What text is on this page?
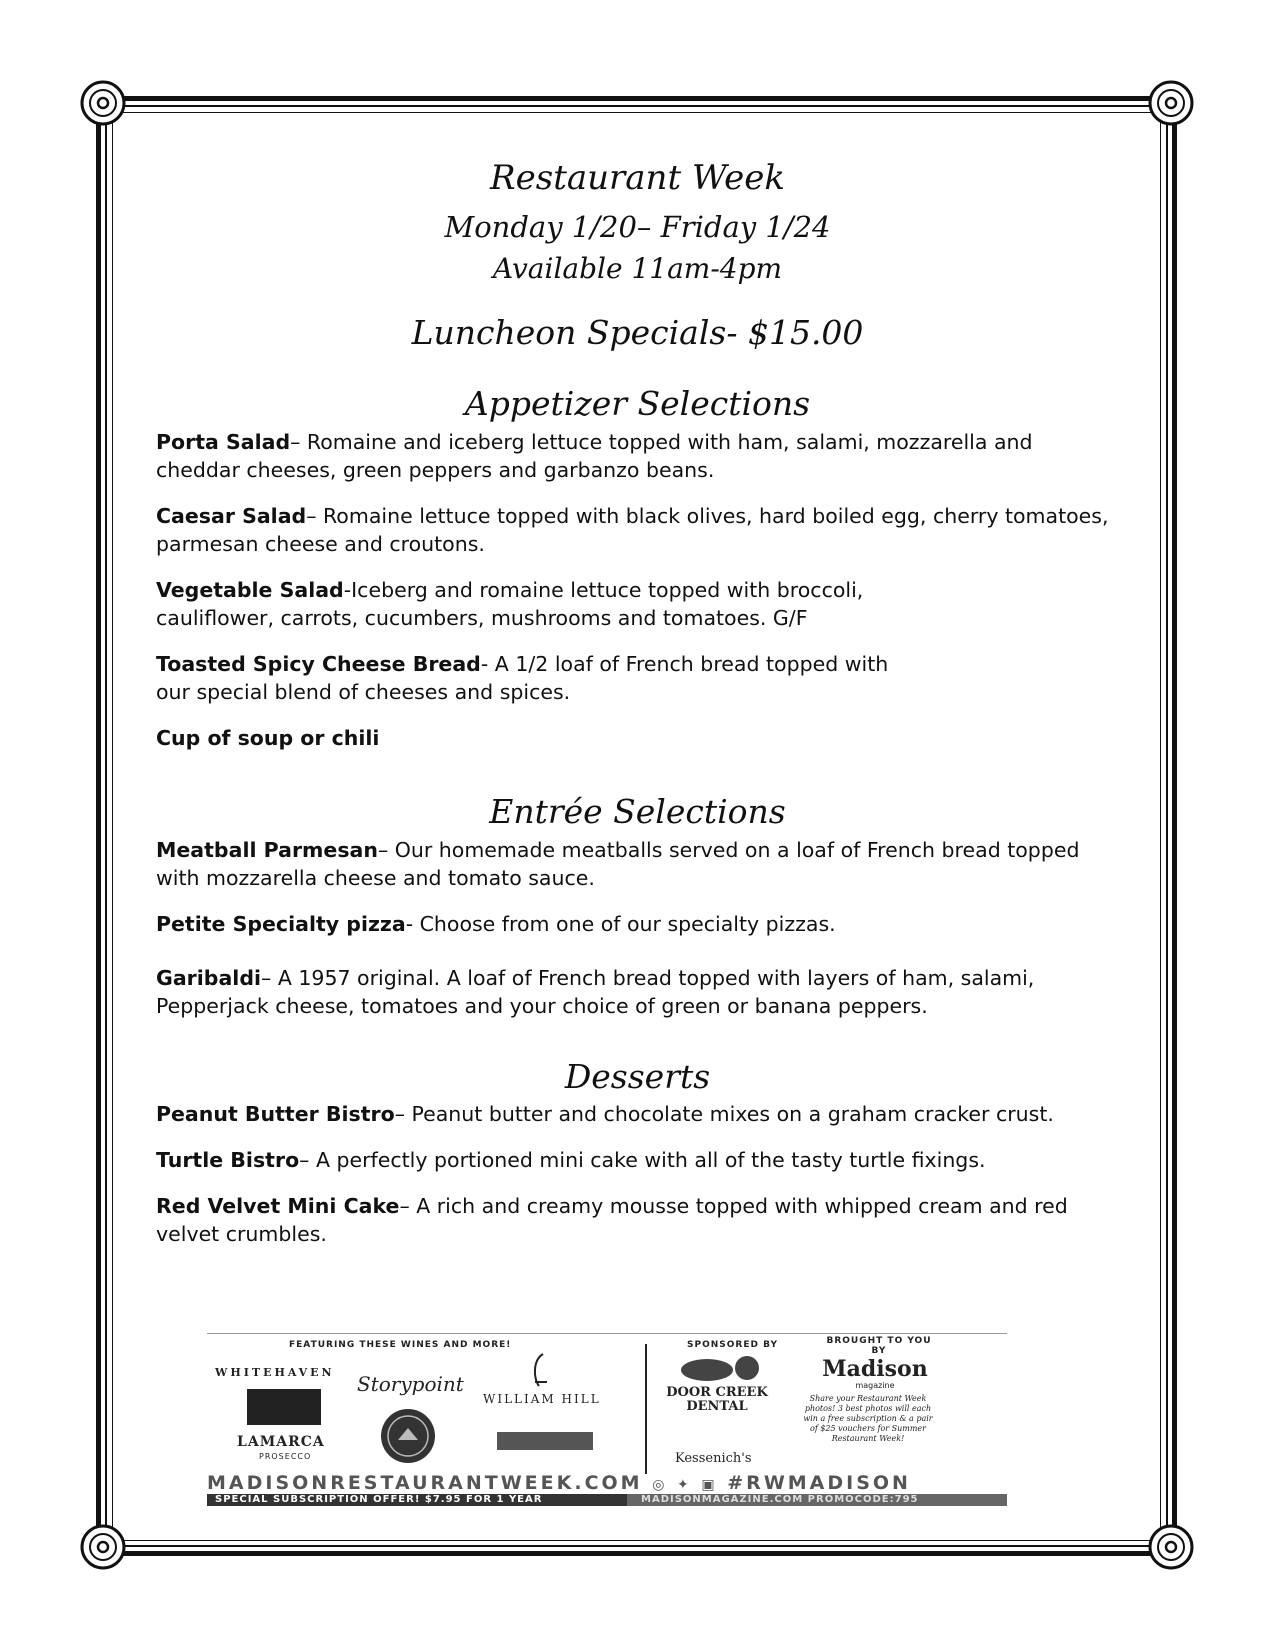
Restaurant Week
Monday 1/20– Friday 1/24
Available 11am-4pm
Luncheon Specials- $15.00
Appetizer Selections

Porta Salad– Romaine and iceberg lettuce topped with ham, salami, mozzarella and cheddar cheeses, green peppers and garbanzo beans.

Caesar Salad– Romaine lettuce topped with black olives, hard boiled egg, cherry tomatoes, parmesan cheese and croutons.

Vegetable Salad-Iceberg and romaine lettuce topped with broccoli, cauliflower, carrots, cucumbers, mushrooms and tomatoes. G/F

Toasted Spicy Cheese Bread- A 1/2 loaf of French bread topped with our special blend of cheeses and spices.

Cup of soup or chili

Entrée Selections

Meatball Parmesan– Our homemade meatballs served on a loaf of French bread topped with mozzarella cheese and tomato sauce.

Petite Specialty pizza- Choose from one of our specialty pizzas.

Garibaldi– A 1957 original. A loaf of French bread topped with layers of ham, salami, Pepperjack cheese, tomatoes and your choice of green or banana peppers.

Desserts

Peanut Butter Bistro– Peanut butter and chocolate mixes on a graham cracker crust.

Turtle Bistro– A perfectly portioned mini cake with all of the tasty turtle fixings.

Red Velvet Mini Cake– A rich and creamy mousse topped with whipped cream and red velvet crumbles.

FEATURING THESE WINES AND MORE!	SPONSORED BY	BROUGHT TO YOU BY
WHITEHAVEN Storypoint
WILLIAM HILL
LAMARCA
PROSECCO
DOOR CREEK DENTAL
Kessenich's
Madison
magazine
Share your Restaurant Week photos! 3 best photos will each win a free subscription & a pair of $25 vouchers for Summer Restaurant Week!
MADISONRESTAURANTWEEK.COM ◎ ✦ ▣ #RWMADISON
SPECIAL SUBSCRIPTION OFFER! $7.95 FOR 1 YEAR	MADISONMAGAZINE.COM PROMOCODE:795
